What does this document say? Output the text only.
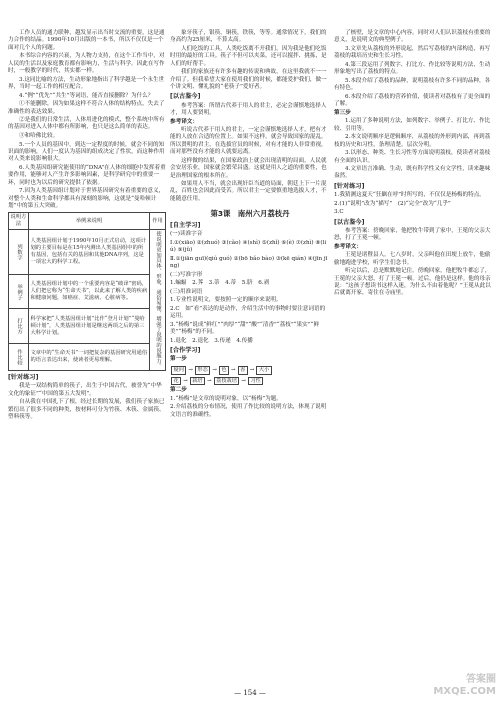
工作人员的通力联种，越发显示出当时交流的重要，这是通力合作的结晶。1990年10月出版的一本书，所以不仅仅是一个面对几个人的问题。

本书综合内容的兴衰，为人物力支持，在这个工作当中，对人民的生活以及家庭教育都有影响力，生活与科学。因此在写作时，一般教学的时代，其实都一样。

3.这同比喻的方法，生动形象地指出了科学越是一个永生世界，当时一起工作的相互配合。

4.“例”“优先”“共生”等词语，能否直接删除？为什么？

①不能删除，因为如果这样不符合人体的结构特点，失去了准确性的表达效果。

②是我们的日常生活，人体用进化的模式，整个系统中所有的基因对进入人体中都有所影响，也只是这么简单的表达。

③和哈佛比较。

5.一个人员的基因中，到达一定程度的时候，就会不同的知识面的影响，人们一度认为基因的组成决定了性状，而这种作用对人类来说影响很大。

6.人类基因组研究能使用的“DNA”在人体的细胞中发挥着重要作用，能够对人产生许多影响因素，是科学研究中的重要一环，同时也为以后的研究提供了依据。

7.因为人类基因组计划对于世界基因研究有着重要的意义，对整个人类和生命科学都具有深刻的影响，这就是“曼哈顿计划”中的第五大突破。

说明方法	举例来说明	作用
列数字	人类基因组计划于1990年10月正式启动，这项计划的主要目标是在15年内测出人类基因组中的所有基因，包括有关的基因和其他DNA序列，这是一项宏大的科学工程。	使说明更加具体、形象、通俗易懂，增强了说明的说服力。
举例子	人类基因组计划中的一个重要内容是“破译”密码，人们把它称为“生命天书”，以此来了解人类的疾病和健康问题，如癌症、艾滋病、心脏病等。	
打比方	科学家把“人类基因组计划”比作“登月计划”“曼哈顿计划”，人类基因组计划是继这两项之后的第三大科学计划。	
作比较	文章中的“生命天书”一词把复杂的基因研究用通俗的语言表达出来，使读者更易理解。	
[针对练习]

我是一双结构简单的筷子，出生于中国古代，被誉为“中华文化的象征”“中国的第五大发明”。

自从我在中国扎下了根，经过长期的发展，我们筷子家族已繁衍出了很多不同的种类，按材料可分为竹筷、木筷、金属筷、塑料筷等。

象牙筷子，银筷，铜筷，铁筷，等等。通常情况下，我们的身高约为25厘米，不算太高。

人们吃饭的工具，人类吃饭离不开我们，因为我是他们吃饭时用的最好的工具。筷子不但可以夹菜，还可以搅拌、挑拣，是人们的好帮手。

我们的家族还有许多有趣的传说和典故，在这里我就不一一介绍了。但我希望大家在使用我们的时候，都能爱护我们，做一个讲文明、懂礼貌的“老筷子”爱好者。

[以古鉴今]

参考答案：所谓古代养于用人的君主，必定会谨慎地选择人才，用人要贤明。

参考译文：

听说古代养于用人的君主，一定会谨慎地选择人才，把有才能的人放在合适的位置上。如果不这样，就会导致国家的混乱。所以贤明的君主，在选拔官员的时候，对有才能的人非常重视，而对那些没有才能的人就要远离。

这样做的结果，在国家政治上就会出现清明的局面，人民就会安居乐业，国家就会繁荣昌盛。这就是用人之道的重要性，也是治理国家的根本所在。

如果用人不当，就会出现奸臣当道的局面，朝廷上下一片混乱，百姓也会因此而受苦。所以君主一定要慎重地选拔人才，不能随意任用。

第3课　南州六月荔枝丹
[自主学习]

(一)读准字音

Ⅰ.①(xiāo) ②(zhuó) ③(cǎo) ④(shì) ⑤(zhǐ) ⑥(è) ⑦(zhì) ⑧(liú) ⑨(jǔ)

Ⅱ.①(jiān guī)(qiú guó) ②(bō bǎo bào) ③(kē qián) ④(jīn jīng)

(二)写准字形

1.蝙蝠　2.荠　3.蒂　4.蒂　5.脐　6.剥

(三)用准词语

1.专业性说明文，要按照一定的顺序来说明。

2.C　如“看”表达的是动作，介绍生活中的事物时要注意词语的运用。

3.“杨梅”说成“鲜红”“肉厚”“甜”“酸”“清香”“荔枝”“果实”“鲜美”“杨梅”的不同。

1.退化　2.退化　3.传递　4.传播

[合作学习]

第一步

疑问 → 形态 → 色 → 香 → 大小
花 → 栽培 → 荔枝栽培 → 习性

第二步

1.“杨梅”是文章的说明对象，以“杨梅”为题。

2.介绍荔枝的分布情况，使用了作比较的说明方法，体现了说明文语言的准确性。

了核壁，是文章的中心内容。同时对人们认识荔枝有重要的意义，是说明文的典型例子。

3.文章先从荔枝的外形说起，然后写荔枝的内部构造，再写荔枝的栽培历史和生长习性。

4.第三段运用了列数字、打比方、作比较等说明方法，生动形象地写出了荔枝的特点。

5.本段介绍了荔枝的品种，说明荔枝有许多不同的品种，各有特色。

6.本段介绍了荔枝的营养价值，使读者对荔枝有了更全面的了解。

第三步

1.运用了多种说明方法，如列数字、举例子、打比方、作比较、引用等。

2.本文说明顺序是逻辑顺序，从荔枝的外形到内部，再到荔枝的历史和习性，条理清楚，层次分明。

3.以形态、种类、生长习性等方面说明荔枝，使读者对荔枝有全面的认识。

4.文章语言准确、生动，既有科学性又有文学性，读来趣味盎然。

[针对练习]

1.我猜测这夏天“狂飙在呼”时所写的，不仅仅是杨梅的特点。

2.(1)“说明”改为“描写”　(2)“完全”改为“几乎”

3.C

[以古鉴今]

参考答案：傍晚回家，他把牧牛带到了家中，王冕的父亲大怒，打了王冕一顿。

参考译文：

王冕是诸暨县人。七八岁时，父亲叫他在田埂上放牛，他偷偷地跑进学校，听学生们念书。

听完以后，总是默默地记住。傍晚回家，他把牧牛都忘了，王冕的父亲大怒，打了王冕一顿。过后，他仍是这样。他的母亲说：“这孩子想读书这样入迷，为什么不由着他呢？”王冕从此以后就离开家，寄住在寺庙里。

— 154 —
答案圈
MXQE.COM
